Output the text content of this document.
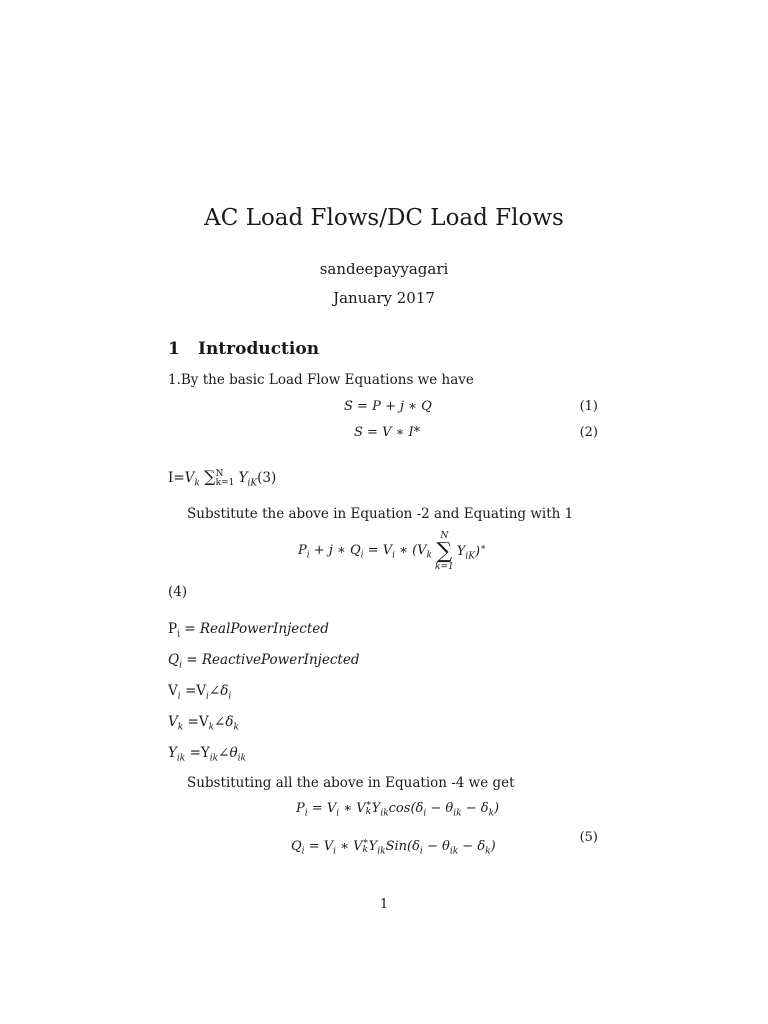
AC Load Flows/DC Load Flows
sandeepayyagari
January 2017
1 Introduction
1.By the basic Load Flow Equations we have
S = P + j ∗ Q	(1)
S = V ∗ I*	(2)
$I=V_k$ ∑ N
k=1 $Y_{iK}(3)$
Substitute the above in Equation -2 and Equating with 1
$P_i + j$ ∗ $Q_i = V_i$ ∗ ($V_k$
N
∑
k=1
$Y_{iK})^∗$
(4)
$P_i$ = RealPowerInjected
$Q_i$ = ReactivePowerInjected
$V_i$ $=V_i\angle\delta_i$
$V_k$ $=V_k\angle\delta_k$
$Y_{ik}$ $=Y_{ik}\angle\theta_{ik}$
Substituting all the above in Equation -4 we get
$P_i = V_i$ ∗ V ∗
k $Y_{ik}\cos(\delta_i - \theta_{ik} - \delta_k)$
(5)
$Q_i = V_i$ ∗ V ∗
k $Y_{ik}Sin(\delta_i - \theta_{ik} - \delta_k)$
1
